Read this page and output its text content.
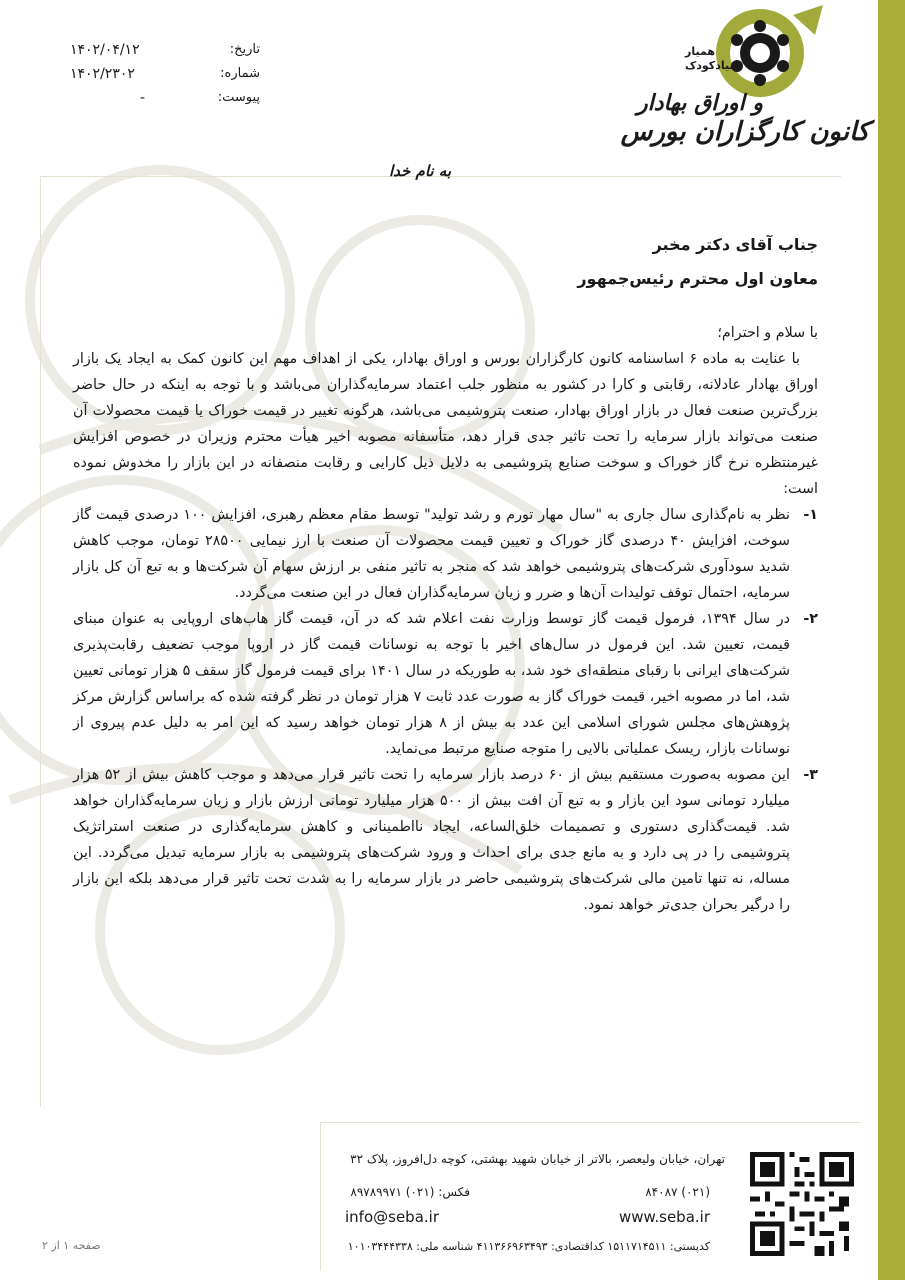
همیار
بنیادکودک
و اوراق بهادار
کانون کارگزاران بورس
تاریخ:
۱۴۰۲/۰۴/۱۲
شماره:
۱۴۰۲/۲۳۰۲
پیوست:
-
به نام خدا
جناب آقای دکتر مخبر
معاون اول محترم رئیس‌جمهور

با سلام و احترام؛

با عنایت به ماده ۶ اساسنامه کانون کارگزاران بورس و اوراق بهادار، یکی از اهداف مهم این کانون کمک به ایجاد یک بازار اوراق بهادار عادلانه، رقابتی و کارا در کشور به منظور جلب اعتماد سرمایه‌گذاران می‌باشد و با توجه به اینکه در حال حاضر بزرگ‌ترین صنعت فعال در بازار اوراق بهادار، صنعت پتروشیمی می‌باشد، هرگونه تغییر در قیمت خوراک یا قیمت محصولات آن صنعت می‌تواند بازار سرمایه را تحت تاثیر جدی قرار دهد، متأسفانه مصوبه اخیر هیأت محترم وزیران در خصوص افزایش غیرمنتظره نرخ گاز خوراک و سوخت صنایع پتروشیمی به دلایل ذیل کارایی و رقابت منصفانه در این بازار را مخدوش نموده است:

۱-
نظر به نام‌گذاری سال جاری به "سال مهار تورم و رشد تولید" توسط مقام معظم رهبری، افزایش ۱۰۰ درصدی قیمت گاز سوخت، افزایش ۴۰ درصدی گاز خوراک و تعیین قیمت محصولات آن صنعت با ارز نیمایی ۲۸۵۰۰ تومان، موجب کاهش شدید سودآوری شرکت‌های پتروشیمی خواهد شد که منجر به تاثیر منفی بر ارزش سهام آن شرکت‌ها و به تبع آن کل بازار سرمایه، احتمال توقف تولیدات آن‌ها و ضرر و زیان سرمایه‌گذاران فعال در این صنعت می‌گردد.
۲-
در سال ۱۳۹۴، فرمول قیمت گاز توسط وزارت نفت اعلام شد که در آن، قیمت گاز هاب‌های اروپایی به عنوان مبنای قیمت، تعیین شد. این فرمول در سال‌های اخیر با توجه به نوسانات قیمت گاز در اروپا موجب تضعیف رقابت‌پذیری شرکت‌های ایرانی با رقبای منطقه‌ای خود شد، به طوریکه در سال ۱۴۰۱ برای قیمت فرمول گاز سقف ۵ هزار تومانی تعیین شد، اما در مصوبه اخیر، قیمت خوراک گاز به صورت عدد ثابت ۷ هزار تومان در نظر گرفته شده که براساس گزارش مرکز پژوهش‌های مجلس شورای اسلامی این عدد به بیش از ۸ هزار تومان خواهد رسید که این امر به دلیل عدم پیروی از نوسانات بازار، ریسک عملیاتی بالایی را متوجه صنایع مرتبط می‌نماید.
۳-
این مصوبه به‌صورت مستقیم بیش از ۶۰ درصد بازار سرمایه را تحت تاثیر قرار می‌دهد و موجب کاهش بیش از ۵۲ هزار میلیارد تومانی سود این بازار و به تبع آن افت بیش از ۵۰۰ هزار میلیارد تومانی ارزش بازار و زیان سرمایه‌گذاران خواهد شد. قیمت‌گذاری دستوری و تصمیمات خلق‌الساعه، ایجاد نااطمینانی و کاهش سرمایه‌گذاری در صنعت استراتژیک پتروشیمی را در پی دارد و به مانع جدی برای احداث و ورود شرکت‌های پتروشیمی به بازار سرمایه تبدیل می‌گردد. این مساله، نه تنها تامین مالی شرکت‌های پتروشیمی حاضر در بازار سرمایه را به شدت تحت تاثیر قرار می‌دهد بلکه این بازار را درگیر بحران جدی‌تر خواهد نمود.
تهران، خیابان ولیعصر، بالاتر از خیابان شهید بهشتی، کوچه دل‌افروز، پلاک ۳۲
(۰۲۱) ۸۴۰۸۷
فکس: (۰۲۱) ۸۹۷۸۹۹۷۱
info@seba.ir	www.seba.ir
کدپستی: ۱۵۱۱۷۱۴۵۱۱ کداقتصادی: ۴۱۱۳۶۶۹۶۳۴۹۳ شناسه ملی: ۱۰۱۰۳۴۴۴۳۳۸
صفحه ۱ از ۲
